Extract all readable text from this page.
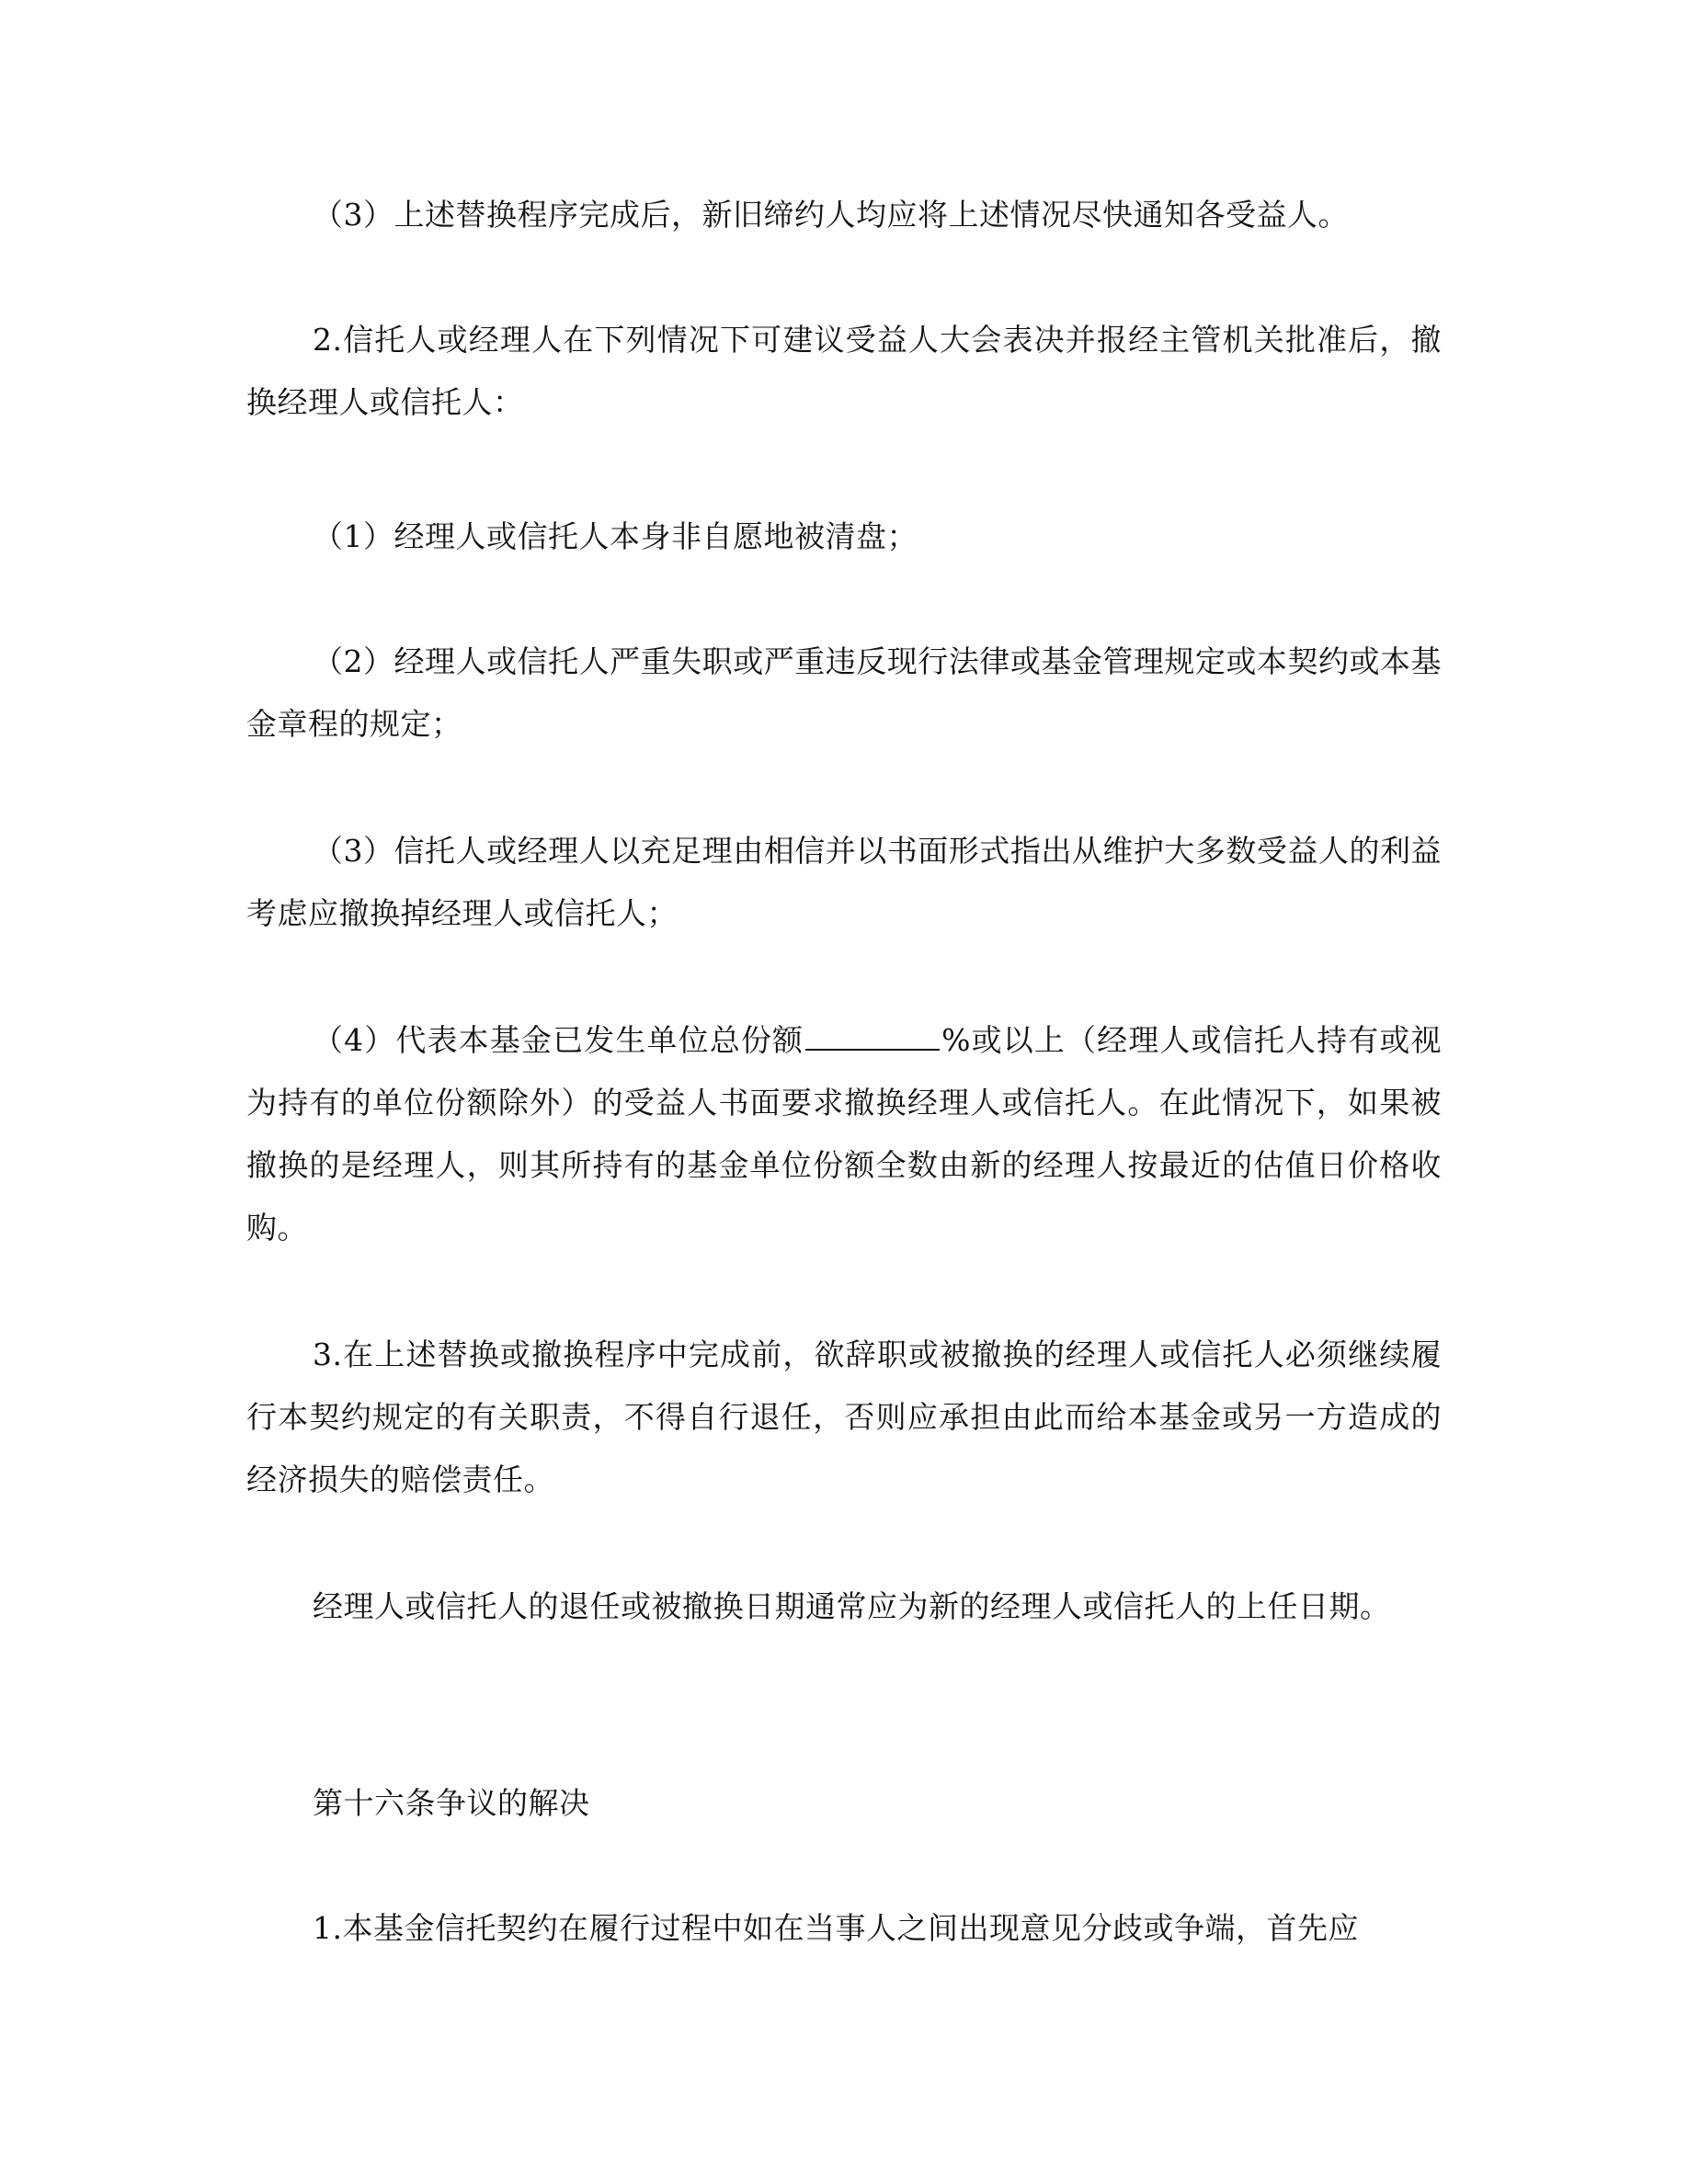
（3）上述替换程序完成后，新旧缔约人均应将上述情况尽快通知各受益人。

2.信托人或经理人在下列情况下可建议受益人大会表决并报经主管机关批准后，撤换经理人或信托人：

（1）经理人或信托人本身非自愿地被清盘；

（2）经理人或信托人严重失职或严重违反现行法律或基金管理规定或本契约或本基金章程的规定；

（3）信托人或经理人以充足理由相信并以书面形式指出从维护大多数受益人的利益考虑应撤换掉经理人或信托人；

（4）代表本基金已发生单位总份额	%或以上（经理人或信托人持有或视为持有的单位份额除外）的受益人书面要求撤换经理人或信托人。在此情况下，如果被撤换的是经理人，则其所持有的基金单位份额全数由新的经理人按最近的估值日价格收购。

3.在上述替换或撤换程序中完成前，欲辞职或被撤换的经理人或信托人必须继续履行本契约规定的有关职责，不得自行退任，否则应承担由此而给本基金或另一方造成的经济损失的赔偿责任。

经理人或信托人的退任或被撤换日期通常应为新的经理人或信托人的上任日期。

第十六条争议的解决

1.本基金信托契约在履行过程中如在当事人之间出现意见分歧或争端，首先应
